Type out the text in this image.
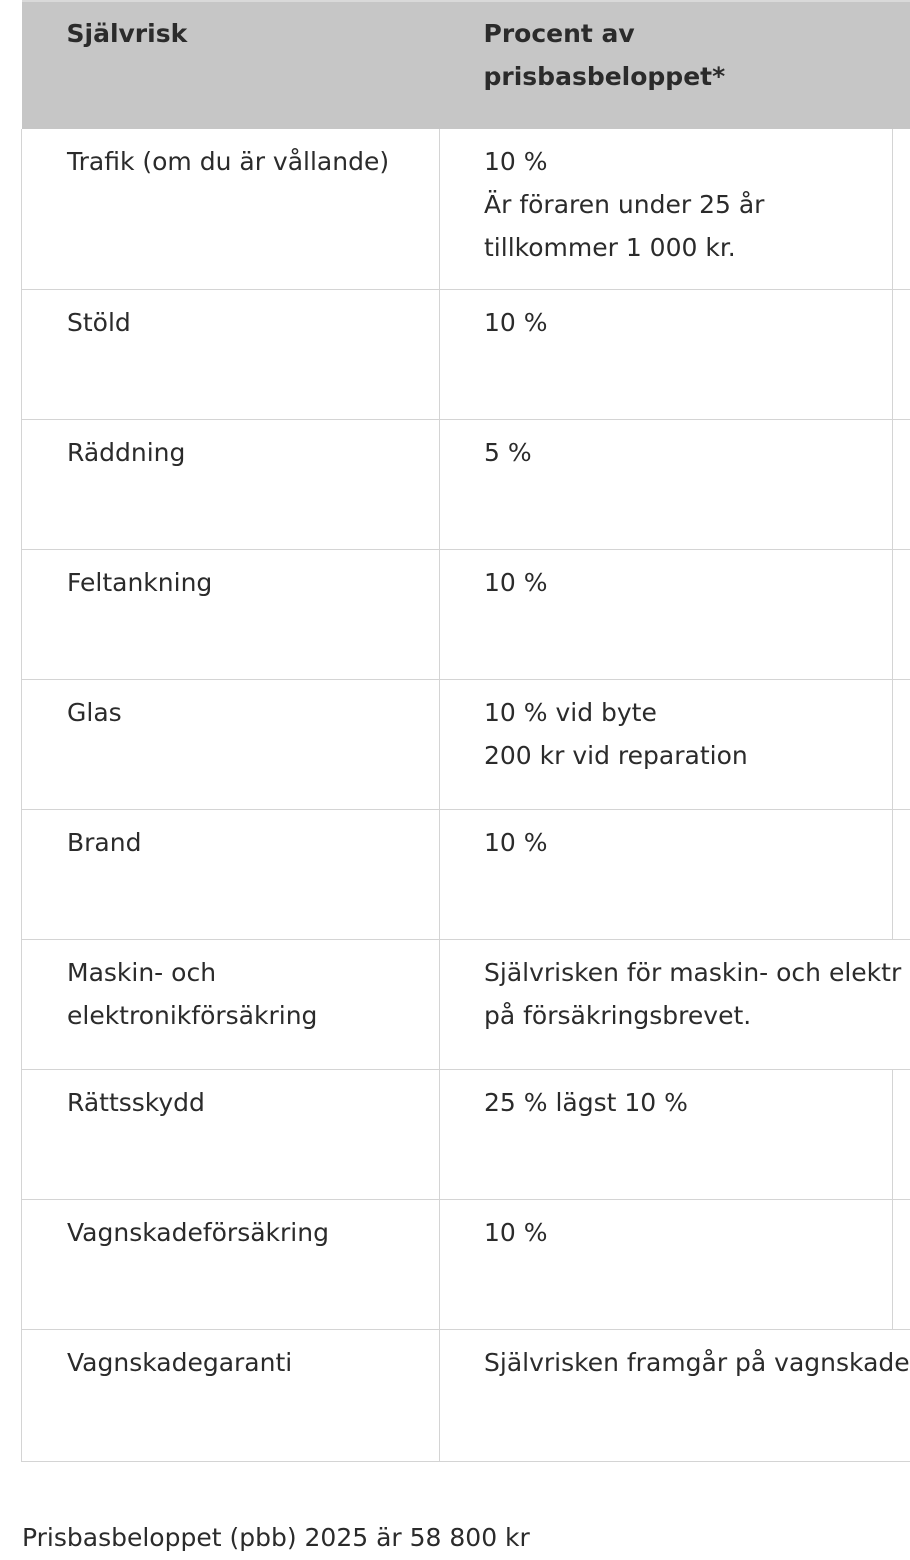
Självrisk	Procent av
prisbasbeloppet*	

Trafik (om du är vållande)	10 %
Är föraren under 25 år
tillkommer 1 000 kr.	

Stöld	10 %	
Räddning	5 %	
Feltankning	10 %	
Glas	10 % vid byte
200 kr vid reparation	

Brand	10 %	

Maskin- och
elektronikförsäkring	Självrisken för maskin- och elektr
på försäkringsbrevet.	

Rättsskydd	25 % lägst 10 %	
Vagnskadeförsäkring	10 %	
Vagnskadegaranti	Självrisken framgår på vagnskade	
Prisbasbeloppet (pbb) 2025 är 58 800 kr
